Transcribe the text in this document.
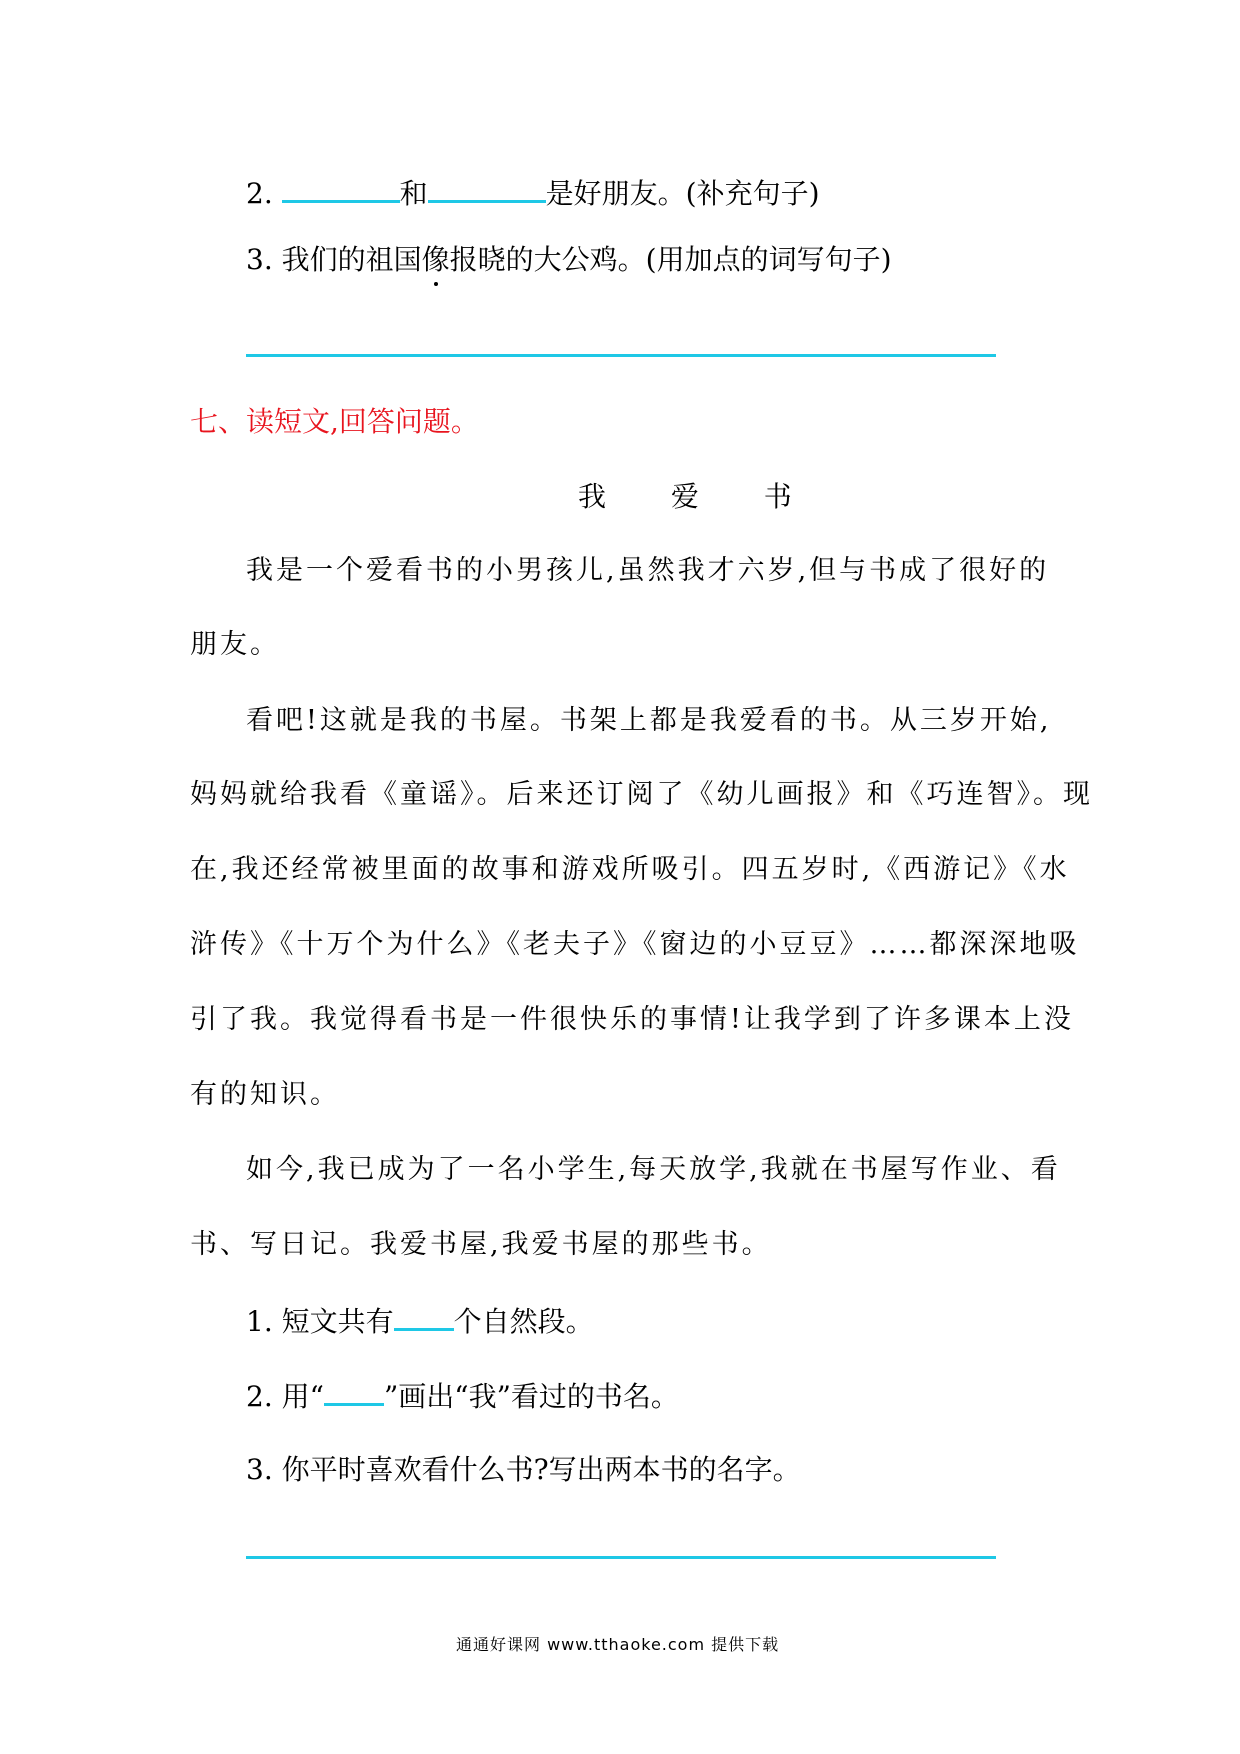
2.	和	是好朋友。(补充句子)
3. 我们的祖国像报晓的大公鸡。(用加点的词写句子)
七、读短文,回答问题。
我 爱 书
我是一个爱看书的小男孩儿,虽然我才六岁,但与书成了很好的
朋友。
看吧!这就是我的书屋。书架上都是我爱看的书。从三岁开始,
妈妈就给我看《童谣》。后来还订阅了《幼儿画报》和《巧连智》。现
在,我还经常被里面的故事和游戏所吸引。四五岁时,《西游记》《水
浒传》《十万个为什么》《老夫子》《窗边的小豆豆》……都深深地吸
引了我。我觉得看书是一件很快乐的事情!让我学到了许多课本上没
有的知识。
如今,我已成为了一名小学生,每天放学,我就在书屋写作业、看
书、写日记。我爱书屋,我爱书屋的那些书。
1. 短文共有 个自然段。
2. 用“ ”画出“我”看过的书名。
3. 你平时喜欢看什么书?写出两本书的名字。
通通好课网 www.tthaoke.com 提供下载
